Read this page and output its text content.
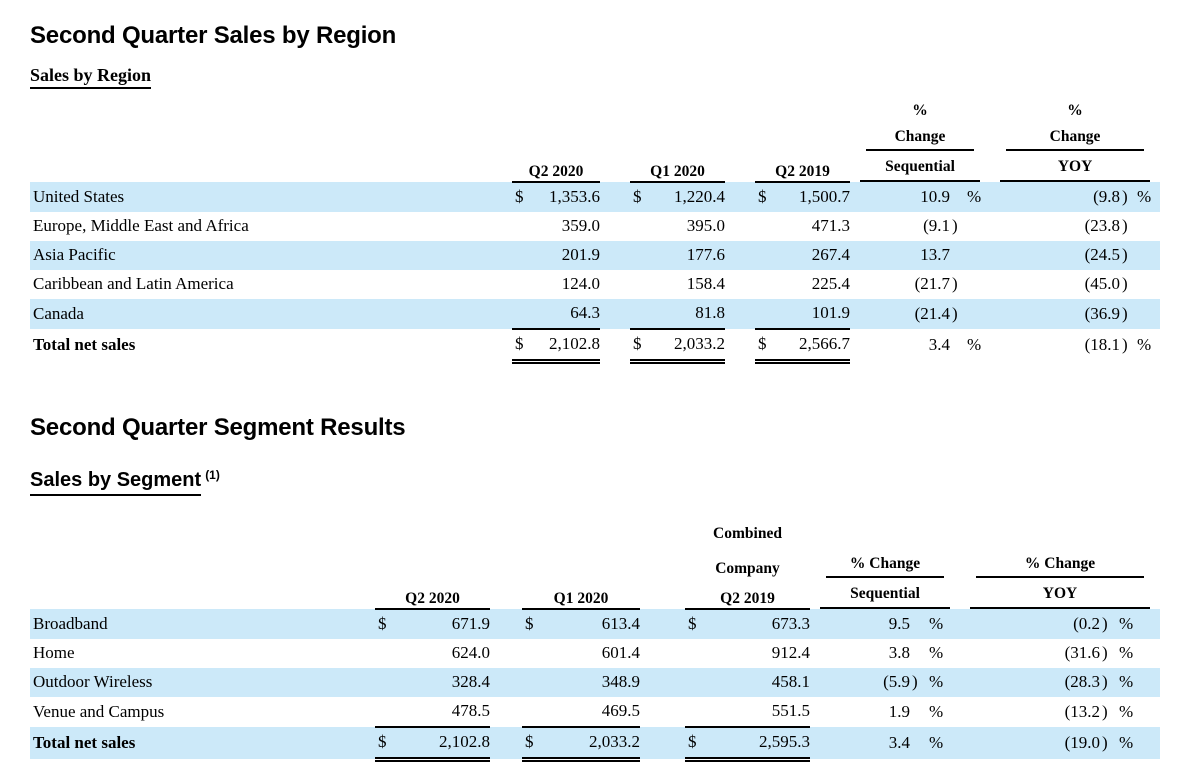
Second Quarter Sales by Region
Sales by Region
									%			%		

									Change			Change		

	Q2 2020			Q1 2020			Q2 2019		Sequential			YOY		

United States	$	1,353.6		$	1,220.4		$	1,500.7	10.9		%	(9.8	)	%
Europe, Middle East and Africa		359.0			395.0			471.3	(9.1	)		(23.8	)	
Asia Pacific		201.9			177.6			267.4	13.7			(24.5	)	
Caribbean and Latin America		124.0			158.4			225.4	(21.7	)		(45.0	)	
Canada		64.3			81.8			101.9	(21.4	)		(36.9	)	
Total net sales	$	2,102.8		$	2,033.2		$	2,566.7	3.4		%	(18.1	)	%
Second Quarter Segment Results
Sales by Segment $^{(1)}$
							Combined							
							Company		% Change			% Change		

	Q2 2020			Q1 2020			Q2 2019		Sequential			YOY		

Broadband	$	671.9		$	613.4		$	673.3	9.5		%	(0.2	)	%
Home		624.0			601.4			912.4	3.8		%	(31.6	)	%
Outdoor Wireless		328.4			348.9			458.1	(5.9	)	%	(28.3	)	%
Venue and Campus		478.5			469.5			551.5	1.9		%	(13.2	)	%
Total net sales	$	2,102.8		$	2,033.2		$	2,595.3	3.4		%	(19.0	)	%
